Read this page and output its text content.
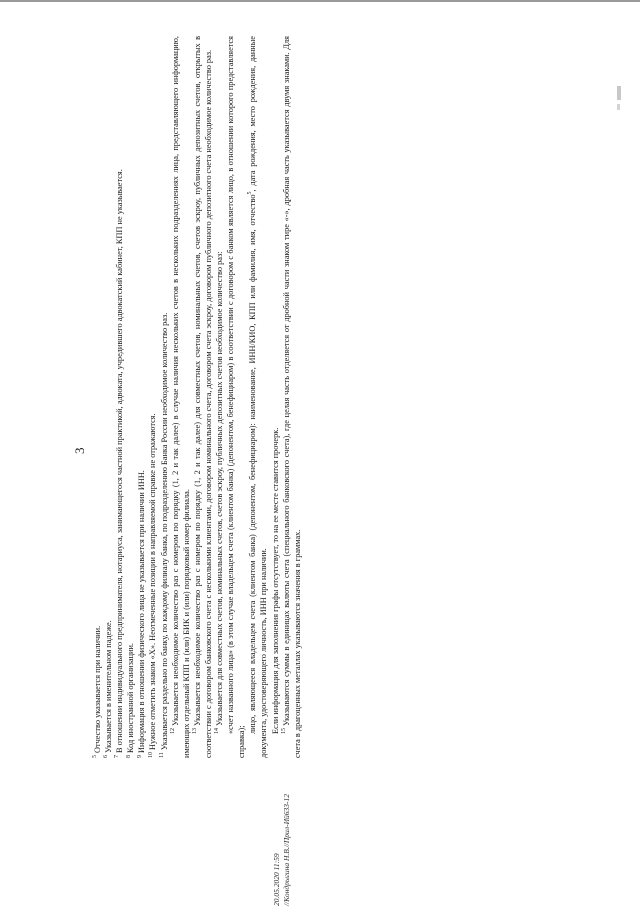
3

$^5$Отчество указывается при наличии.

$^6$Указывается в именительном падеже.

$^7$В отношении индивидуального предпринимателя, нотариуса, занимающегося частной практикой, адвоката, учредившего адвокатский кабинет, КПП не указывается.

$^8$Код иностранной организации.

$^9$Информация в отношении физического лица не указывается при наличии ИНН.

$^{10}$Нужное отметить знаком «X». Неотмеченные позиции в направляемой справке не отражаются.

$^{11}$Указывается раздельно по банку, по каждому филиалу банка, по подразделению Банка России необходимое количество раз. $^{12}$Указывается необходимое количество раз с номером по порядку (1, 2 и так далее) в случае наличия нескольких счетов в нескольких подразделениях лица, представляющего информацию, имеющих отдельный КПП и (или) БИК и (или) порядковый номер филиала. $^{13}$Указывается необходимое количество раз с номером по порядку (1, 2 и так далее) для совместных счетов, номинальных счетов, счетов эскроу, публичных депозитных счетов, открытых в соответствии с договором банковского счета с несколькими клиентами, договором номинального счета, договором счета эскроу, договором публичного депозитного счета необходимое количество раз. $^{14}$Указывается для совместных счетов, номинальных счетов, счетов эскроу, публичных депозитных счетов необходимое количество раз: «счет названного лица» (в этом случае владельцем счета (клиентом банка) (депонентом, бенефициаром) в соответствии с договором с банком является лицо, в отношении которого представляется справка);

лицо, являющееся владельцем счета (клиентом банка) (депонентом, бенефициаром): наименование, ИНН/КИО, КПП или фамилия, имя, отчество$^5$, дата рождения, место рождения, данные документа, удостоверяющего личность, ИНН при наличии. Если информация для заполнения графы отсутствует, то на ее месте ставится прочерк. $^{15}$Указываются суммы в единицах валюты счета (специального банковского счета), где целая часть отделяется от дробной части знаком тире «-», дробная часть указывается двумя знаками. Для счета в драгоценных металлах указываются значения в граммах.

20.05.2020 11:59 //Кондрыгина Н.В.//Прил-Ий633-12
